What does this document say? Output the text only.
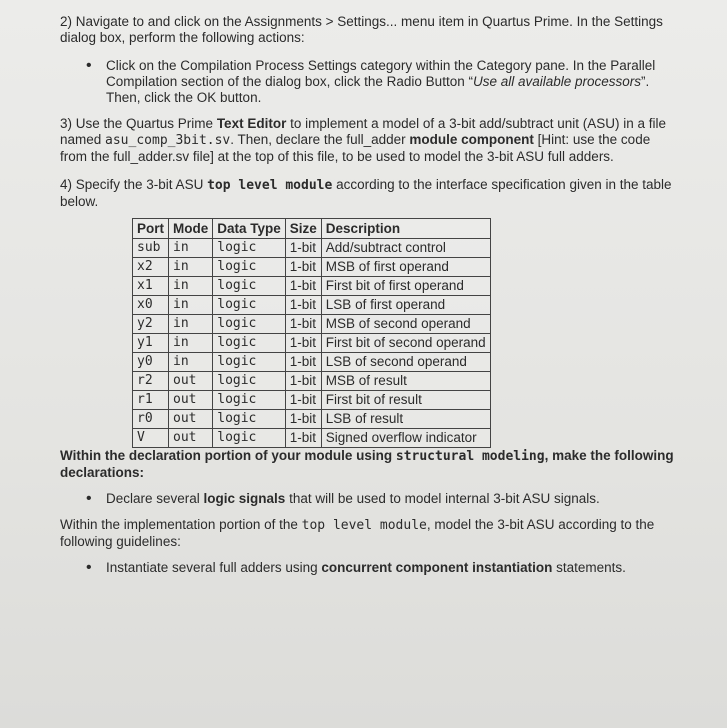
2) Navigate to and click on the Assignments > Settings... menu item in Quartus Prime. In the Settings dialog box, perform the following actions:

•	Click on the Compilation Process Settings category within the Category pane. In the Parallel Compilation section of the dialog box, click the Radio Button “Use all available processors”. Then, click the OK button.

3) Use the Quartus Prime Text Editor to implement a model of a 3-bit add/subtract unit (ASU) in a file named asu_comp_3bit.sv. Then, declare the full_adder module component [Hint: use the code from the full_adder.sv file] at the top of this file, to be used to model the 3-bit ASU full adders.

4) Specify the 3-bit ASU top level module according to the interface specification given in the table below.

Port	Mode	Data Type	Size	Description
sub	in	logic	1-bit	Add/subtract control
x2	in	logic	1-bit	MSB of first operand
x1	in	logic	1-bit	First bit of first operand
x0	in	logic	1-bit	LSB of first operand
y2	in	logic	1-bit	MSB of second operand
y1	in	logic	1-bit	First bit of second operand
y0	in	logic	1-bit	LSB of second operand
r2	out	logic	1-bit	MSB of result
r1	out	logic	1-bit	First bit of result
r0	out	logic	1-bit	LSB of result
V	out	logic	1-bit	Signed overflow indicator

Within the declaration portion of your module using structural modeling, make the following declarations:

•	Declare several logic signals that will be used to model internal 3-bit ASU signals.

Within the implementation portion of the top level module, model the 3-bit ASU according to the following guidelines:

•	Instantiate several full adders using concurrent component instantiation statements.
